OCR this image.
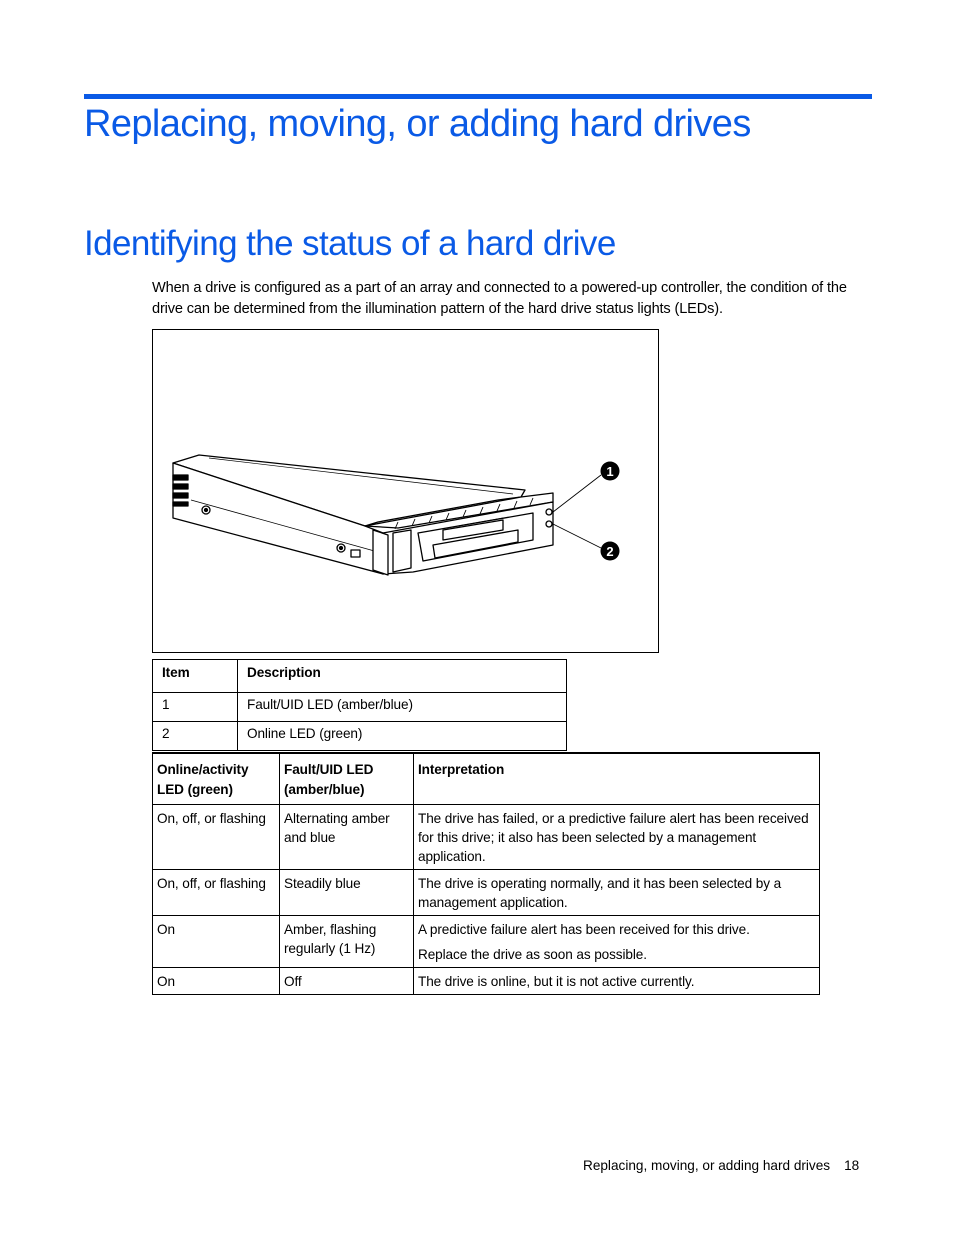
Replacing, moving, or adding hard drives
Identifying the status of a hard drive

When a drive is configured as a part of an array and connected to a powered-up controller, the condition of the drive can be determined from the illumination pattern of the hard drive status lights (LEDs).

1
2
Item	Description
1	Fault/UID LED (amber/blue)
2	Online LED (green)
Online/activity LED (green)	Fault/UID LED (amber/blue)	Interpretation
On, off, or flashing	Alternating amber and blue	The drive has failed, or a predictive failure alert has been received for this drive; it also has been selected by a management application.

On, off, or flashing	Steadily blue	The drive is operating normally, and it has been selected by a management application.

On	Amber, flashing regularly (1 Hz)	A predictive failure alert has been received for this drive.

Replace the drive as soon as possible.

On	Off	The drive is online, but it is not active currently.

Replacing, moving, or adding hard drives 18
